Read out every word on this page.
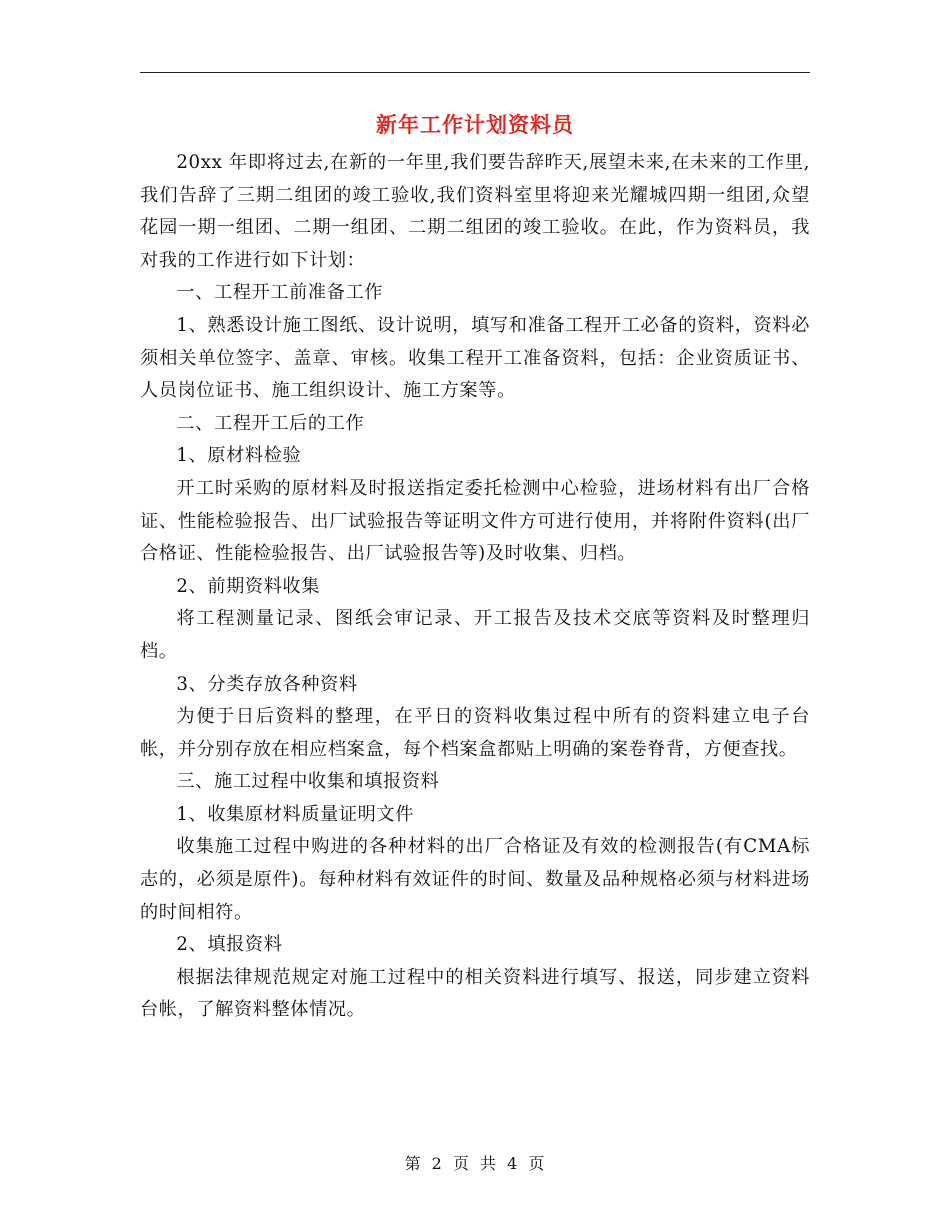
新年工作计划资料员

20xx 年即将过去,在新的一年里,我们要告辞昨天,展望未来,在未来的工作里,我们告辞了三期二组团的竣工验收,我们资料室里将迎来光耀城四期一组团,众望花园一期一组团、二期一组团、二期二组团的竣工验收。在此，作为资料员，我对我的工作进行如下计划：

一、工程开工前准备工作

1、熟悉设计施工图纸、设计说明，填写和准备工程开工必备的资料，资料必须相关单位签字、盖章、审核。收集工程开工准备资料，包括：企业资质证书、人员岗位证书、施工组织设计、施工方案等。

二、工程开工后的工作

1、原材料检验

开工时采购的原材料及时报送指定委托检测中心检验，进场材料有出厂合格证、性能检验报告、出厂试验报告等证明文件方可进行使用，并将附件资料(出厂合格证、性能检验报告、出厂试验报告等)及时收集、归档。

2、前期资料收集

将工程测量记录、图纸会审记录、开工报告及技术交底等资料及时整理归档。

3、分类存放各种资料

为便于日后资料的整理，在平日的资料收集过程中所有的资料建立电子台帐，并分别存放在相应档案盒，每个档案盒都贴上明确的案卷脊背，方便查找。

三、施工过程中收集和填报资料

1、收集原材料质量证明文件

收集施工过程中购进的各种材料的出厂合格证及有效的检测报告(有CMA标志的，必须是原件)。每种材料有效证件的时间、数量及品种规格必须与材料进场的时间相符。

2、填报资料

根据法律规范规定对施工过程中的相关资料进行填写、报送，同步建立资料台帐，了解资料整体情况。

第 2 页 共 4 页
